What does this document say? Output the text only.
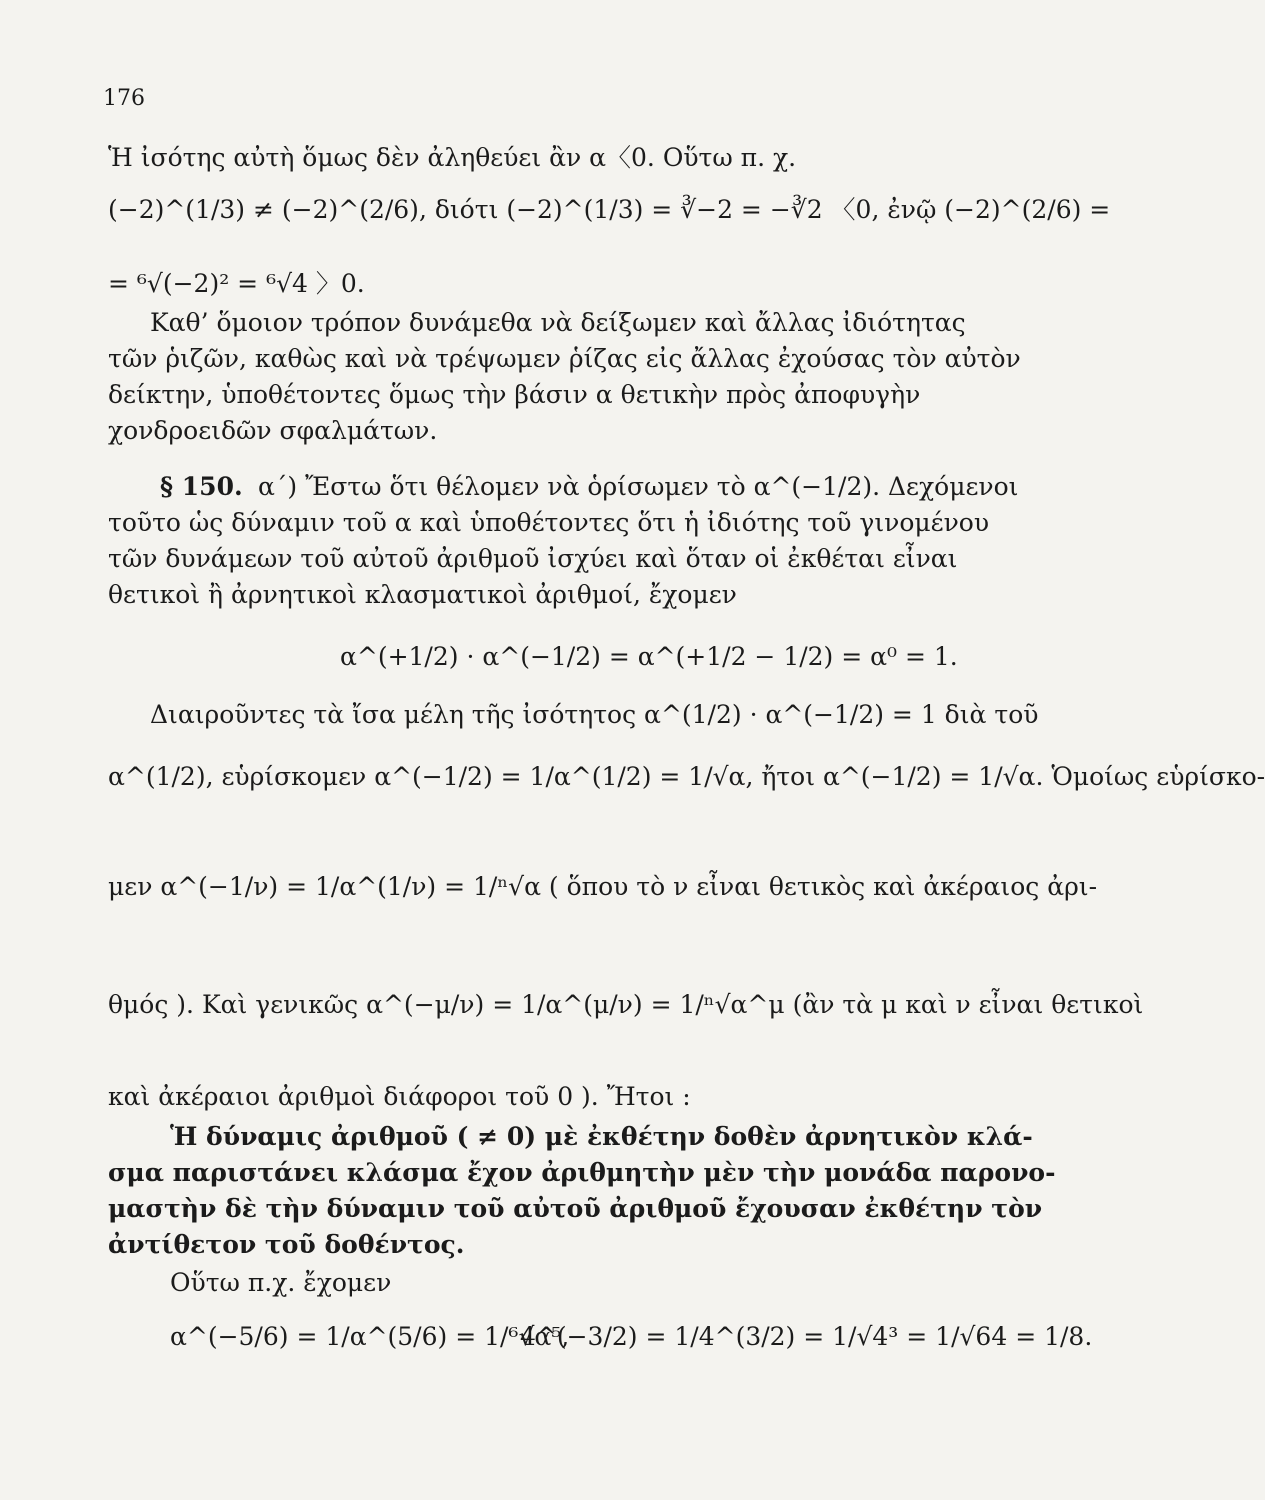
176
Ἡ ἰσότης αὐτὴ ὅμως δὲν ἀληθεύει ἂν α〈0. Οὕτω π. χ.
(−2)^(1/3) ≠ (−2)^(2/6), διότι (−2)^(1/3) = ∛−2 = −∛2 〈0, ἐνῷ (−2)^(2/6) =
= ⁶√(−2)² = ⁶√4 〉0.
Καθ’ ὅμοιον τρόπον δυνάμεθα νὰ δείξωμεν καὶ ἄλλας ἰδιότητας
τῶν ῥιζῶν, καθὼς καὶ νὰ τρέψωμεν ῥίζας εἰς ἄλλας ἐχούσας τὸν αὐτὸν
δείκτην, ὑποθέτοντες ὅμως τὴν βάσιν α θετικὴν πρὸς ἀποφυγὴν
χονδροειδῶν σφαλμάτων.
§ 150. α΄) Ἔστω ὅτι θέλομεν νὰ ὁρίσωμεν τὸ α^(−1/2). Δεχόμενοι
τοῦτο ὡς δύναμιν τοῦ α καὶ ὑποθέτοντες ὅτι ἡ ἰδιότης τοῦ γινομένου
τῶν δυνάμεων τοῦ αὐτοῦ ἀριθμοῦ ἰσχύει καὶ ὅταν οἱ ἐκθέται εἶναι
θετικοὶ ἢ ἀρνητικοὶ κλασματικοὶ ἀριθμοί, ἔχομεν
α^(+1/2) · α^(−1/2) = α^(+1/2 − 1/2) = α⁰ = 1.
Διαιροῦντες τὰ ἴσα μέλη τῆς ἰσότητος α^(1/2) · α^(−1/2) = 1 διὰ τοῦ
α^(1/2), εὑρίσκομεν α^(−1/2) = 1/α^(1/2) = 1/√α, ἤτοι α^(−1/2) = 1/√α. Ὁμοίως εὑρίσκο-
μεν α^(−1/ν) = 1/α^(1/ν) = 1/ⁿ√α ( ὅπου τὸ ν εἶναι θετικὸς καὶ ἀκέραιος ἀρι-
θμός ). Καὶ γενικῶς α^(−μ/ν) = 1/α^(μ/ν) = 1/ⁿ√α^μ (ἂν τὰ μ καὶ ν εἶναι θετικοὶ
καὶ ἀκέραιοι ἀριθμοὶ διάφοροι τοῦ 0 ). Ἤτοι :
Ἡ δύναμις ἀριθμοῦ ( ≠ 0) μὲ ἐκθέτην δοθὲν ἀρνητικὸν κλά-
σμα παριστάνει κλάσμα ἔχον ἀριθμητὴν μὲν τὴν μονάδα παρονο-
μαστὴν δὲ τὴν δύναμιν τοῦ αὐτοῦ ἀριθμοῦ ἔχουσαν ἐκθέτην τὸν
ἀντίθετον τοῦ δοθέντος.
Οὕτω π.χ. ἔχομεν
α^(−5/6) = 1/α^(5/6) = 1/⁶√α⁵,
4^(−3/2) = 1/4^(3/2) = 1/√4³ = 1/√64 = 1/8.
